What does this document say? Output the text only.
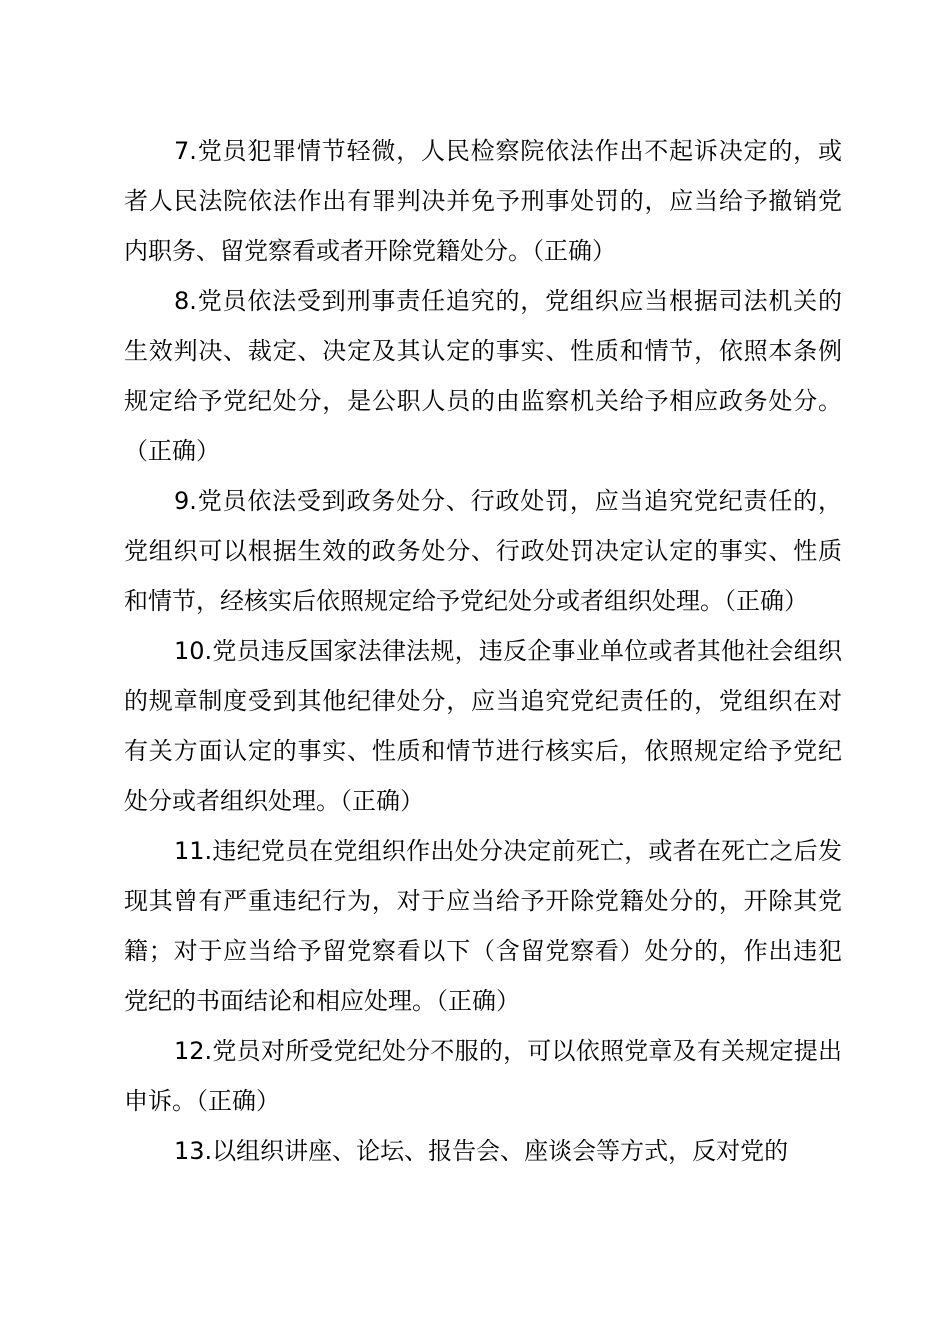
7.党员犯罪情节轻微，人民检察院依法作出不起诉决定的，或者人民法院依法作出有罪判决并免予刑事处罚的，应当给予撤销党内职务、留党察看或者开除党籍处分。（正确）

8.党员依法受到刑事责任追究的，党组织应当根据司法机关的生效判决、裁定、决定及其认定的事实、性质和情节，依照本条例规定给予党纪处分，是公职人员的由监察机关给予相应政务处分。（正确）

9.党员依法受到政务处分、行政处罚，应当追究党纪责任的，党组织可以根据生效的政务处分、行政处罚决定认定的事实、性质和情节，经核实后依照规定给予党纪处分或者组织处理。（正确）

10.党员违反国家法律法规，违反企事业单位或者其他社会组织的规章制度受到其他纪律处分，应当追究党纪责任的，党组织在对有关方面认定的事实、性质和情节进行核实后，依照规定给予党纪处分或者组织处理。（正确）

11.违纪党员在党组织作出处分决定前死亡，或者在死亡之后发现其曾有严重违纪行为，对于应当给予开除党籍处分的，开除其党籍；对于应当给予留党察看以下（含留党察看）处分的，作出违犯党纪的书面结论和相应处理。（正确）

12.党员对所受党纪处分不服的，可以依照党章及有关规定提出申诉。（正确）

13.以组织讲座、论坛、报告会、座谈会等方式，反对党的
